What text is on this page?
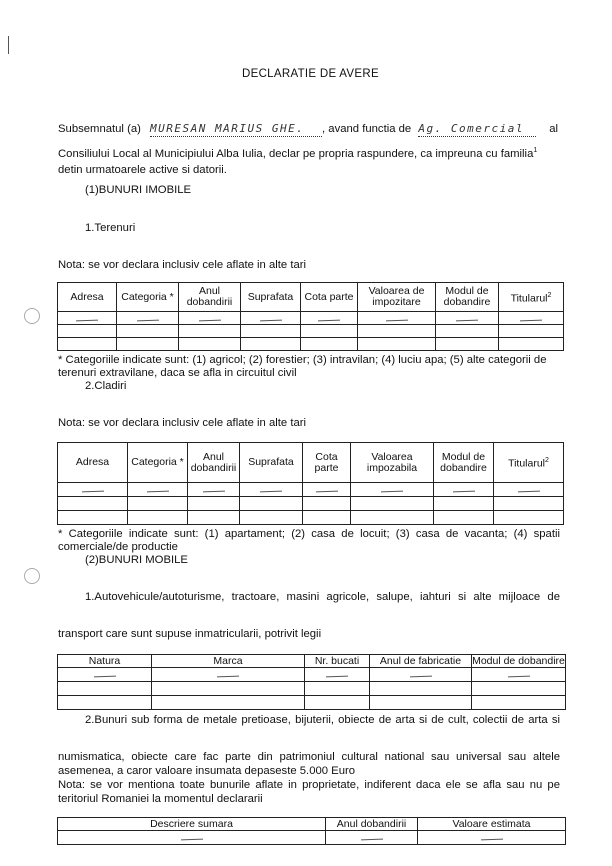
DECLARATIE DE AVERE
Subsemnatul (a) MURESAN MARIUS GHE. , avand functia de Ag. Comercial al
Consiliului Local al Municipiului Alba Iulia, declar pe propria raspundere, ca impreuna cu familia$^1$
detin urmatoarele active si datorii.
(1)BUNURI IMOBILE
1.Terenuri
Nota: se vor declara inclusiv cele aflate in alte tari
Adresa	Categoria *	Anul dobandirii	Suprafata	Cota parte	Valoarea de impozitare	Modul de dobandire	Titularul$^2$

* Categoriile indicate sunt: (1) agricol; (2) forestier; (3) intravilan; (4) luciu apa; (5) alte categorii de
terenuri extravilane, daca se afla in circuitul civil
2.Cladiri
Nota: se vor declara inclusiv cele aflate in alte tari
Adresa	Categoria *	Anul dobandirii	Suprafata	Cota parte	Valoarea impozabila	Modul de dobandire	Titularul$^2$

* Categoriile indicate sunt: (1) apartament; (2) casa de locuit; (3) casa de vacanta; (4) spatii
comerciale/de productie
(2)BUNURI MOBILE
1.Autovehicule/autoturisme, tractoare, masini agricole, salupe, iahturi si alte mijloace de
transport care sunt supuse inmatricularii, potrivit legii
Natura	Marca	Nr. bucati	Anul de fabricatie	Modul de dobandire

2.Bunuri sub forma de metale pretioase, bijuterii, obiecte de arta si de cult, colectii de arta si
numismatica, obiecte care fac parte din patrimoniul cultural national sau universal sau altele
asemenea, a caror valoare insumata depaseste 5.000 Euro
Nota: se vor mentiona toate bunurile aflate in proprietate, indiferent daca ele se afla sau nu pe
teritoriul Romaniei la momentul declararii
Descriere sumara	Anul dobandirii	Valoare estimata
